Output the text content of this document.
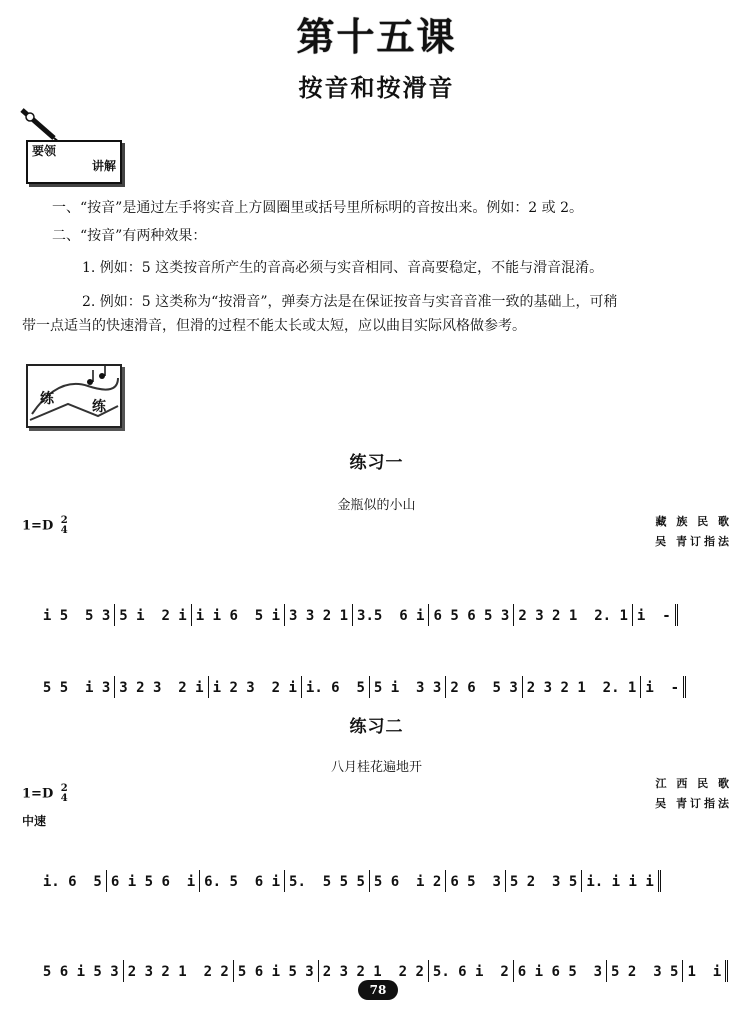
第十五课
按音和按滑音
要领
讲解
一、“按音”是通过左手将实音上方圆圈里或括号里所标明的音按出来。例如：2 或 2。
二、“按音”有两种效果：
1. 例如：5 这类按音所产生的音高必须与实音相同、音高要稳定，不能与滑音混淆。
2. 例如：5 这类称为“按滑音”，弹奏方法是在保证按音与实音音准一致的基础上，可稍
带一点适当的快速滑音，但滑的过程不能太长或太短，应以曲目实际风格做参考。
练	练
练习一
金瓶似的小山
1=D 2
4
藏 族 民 歌
吴 青订指法

i 5  5 3 5 i  2 i i i 6  5 i 3 3 2 1 3.5  6 i 6 5 6 5 3 2 3 2 1  2. 1 i  -

5 5  i 3 3 2 3  2 i i 2 3  2 i i. 6  5 5 i  3 3 2 6  5 3 2 3 2 1  2. 1 i  -

练习二
八月桂花遍地开
1=D 2
4
中速
江 西 民 歌
吴 青订指法

i. 6  5 6 i 5 6  i 6. 5  6 i 5.  5 5 5 5 6  i 2 6 5  3 5 2  3 5 i. i i i

5 6 i 5 3 2 3 2 1  2 2 5 6 i 5 3 2 3 2 1  2 2 5. 6 i  2 6 i 6 5  3 5 2  3 5 1  i

78
